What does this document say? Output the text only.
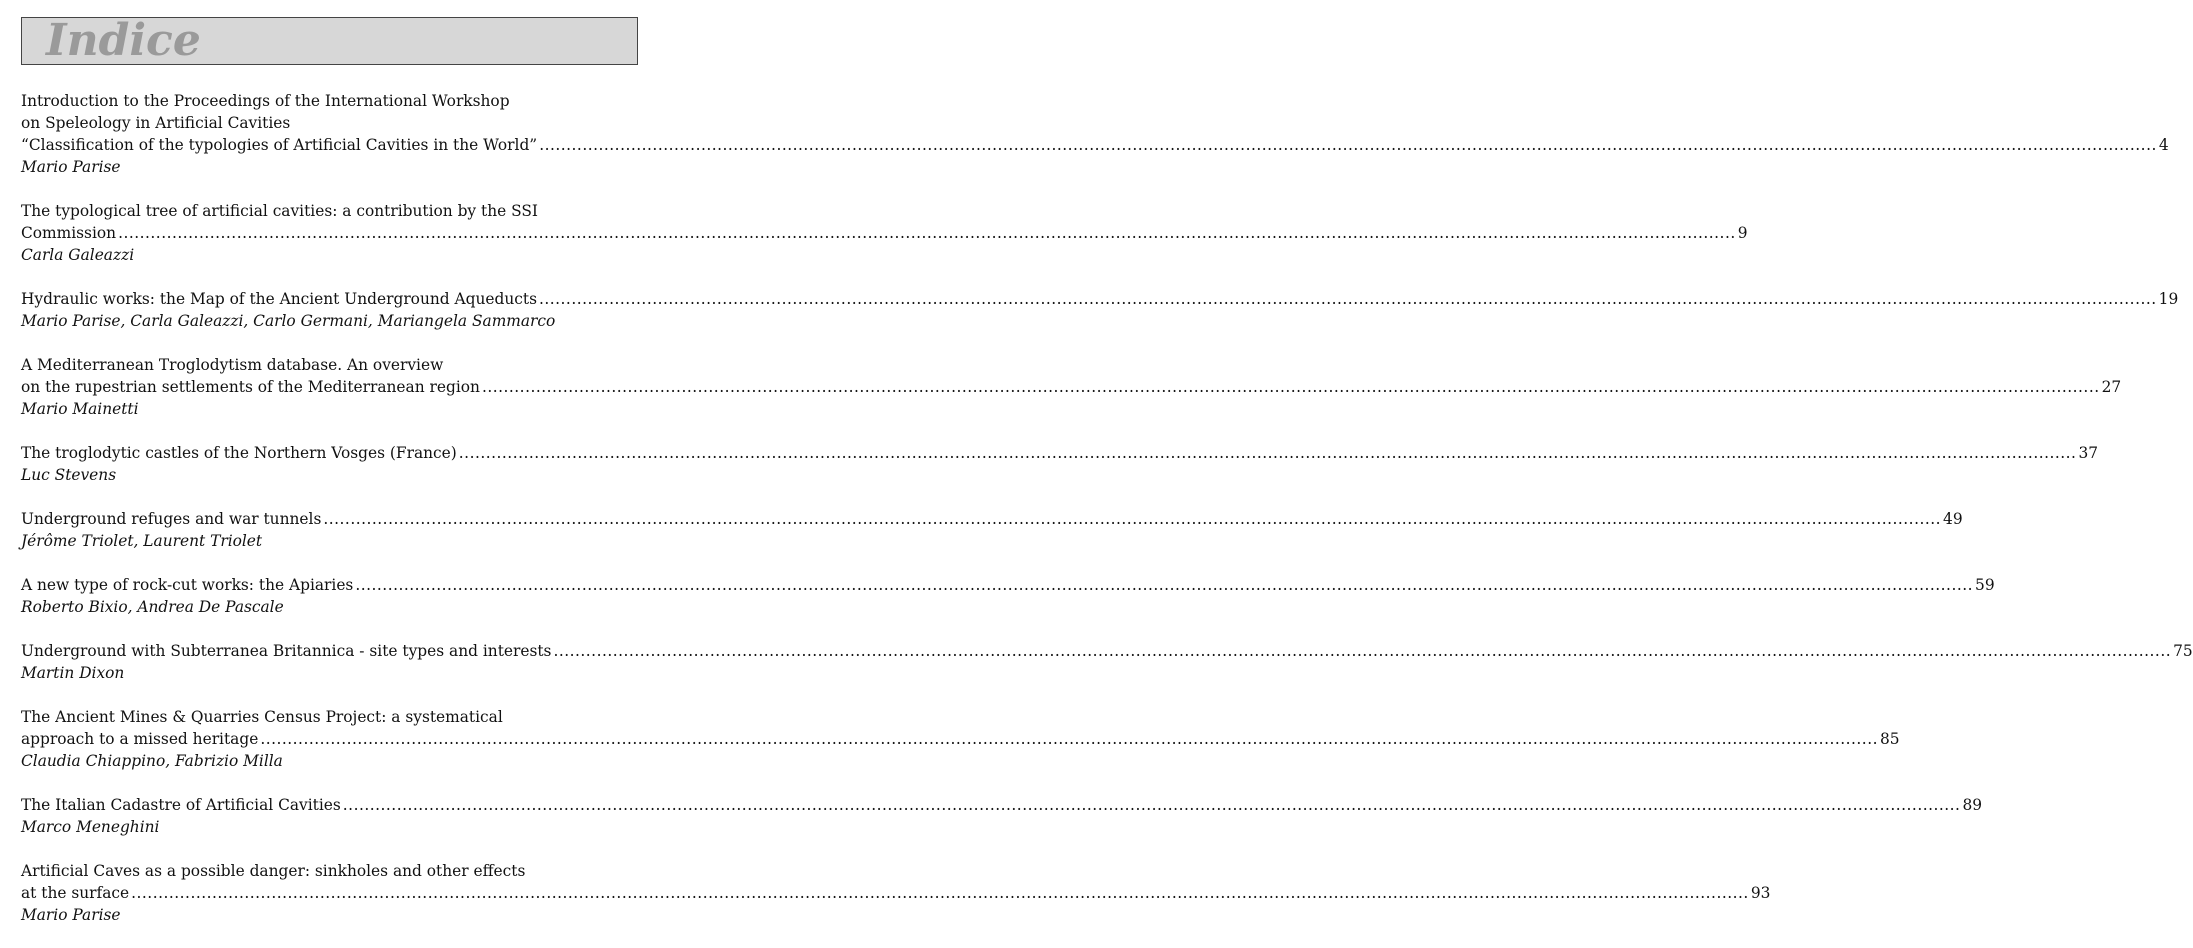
Indice
Introduction to the Proceedings of the International Workshop
on Speleology in Artificial Cavities
“Classification of the typologies of Artificial Cavities in the World” ............................................................................................................................................................................................................................................................................................................ 4
Mario Parise
The typological tree of artificial cavities: a contribution by the SSI
Commission ............................................................................................................................................................................................................................................................................................................ 9
Carla Galeazzi
Hydraulic works: the Map of the Ancient Underground Aqueducts ............................................................................................................................................................................................................................................................................................................ 19
Mario Parise, Carla Galeazzi, Carlo Germani, Mariangela Sammarco
A Mediterranean Troglodytism database. An overview
on the rupestrian settlements of the Mediterranean region ............................................................................................................................................................................................................................................................................................................ 27
Mario Mainetti
The troglodytic castles of the Northern Vosges (France) ............................................................................................................................................................................................................................................................................................................ 37
Luc Stevens
Underground refuges and war tunnels ............................................................................................................................................................................................................................................................................................................ 49
Jérôme Triolet, Laurent Triolet
A new type of rock-cut works: the Apiaries ............................................................................................................................................................................................................................................................................................................ 59
Roberto Bixio, Andrea De Pascale
Underground with Subterranea Britannica - site types and interests ............................................................................................................................................................................................................................................................................................................ 75
Martin Dixon
The Ancient Mines & Quarries Census Project: a systematical
approach to a missed heritage ............................................................................................................................................................................................................................................................................................................ 85
Claudia Chiappino, Fabrizio Milla
The Italian Cadastre of Artificial Cavities ............................................................................................................................................................................................................................................................................................................ 89
Marco Meneghini
Artificial Caves as a possible danger: sinkholes and other effects
at the surface ............................................................................................................................................................................................................................................................................................................ 93
Mario Parise
